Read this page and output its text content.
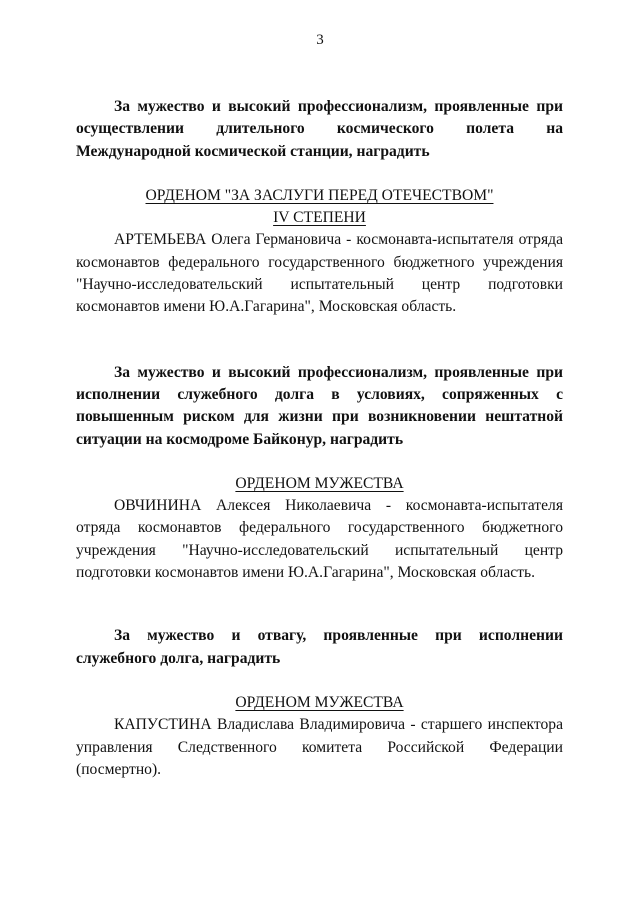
3

За мужество и высокий профессионализм, проявленные при осуществлении длительного космического полета на Международной космической станции, наградить

ОРДЕНОМ "ЗА ЗАСЛУГИ ПЕРЕД ОТЕЧЕСТВОМ"
IV СТЕПЕНИ

АРТЕМЬЕВА Олега Германовича - космонавта-испытателя отряда космонавтов федерального государственного бюджетного учреждения "Научно-исследовательский испытательный центр подготовки космонавтов имени Ю.А.Гагарина", Московская область.

За мужество и высокий профессионализм, проявленные при исполнении служебного долга в условиях, сопряженных с повышенным риском для жизни при возникновении нештатной ситуации на космодроме Байконур, наградить

ОРДЕНОМ МУЖЕСТВА

ОВЧИНИНА Алексея Николаевича - космонавта-испытателя отряда космонавтов федерального государственного бюджетного учреждения "Научно-исследовательский испытательный центр подготовки космонавтов имени Ю.А.Гагарина", Московская область.

За мужество и отвагу, проявленные при исполнении служебного долга, наградить

ОРДЕНОМ МУЖЕСТВА

КАПУСТИНА Владислава Владимировича - старшего инспектора управления Следственного комитета Российской Федерации (посмертно).
